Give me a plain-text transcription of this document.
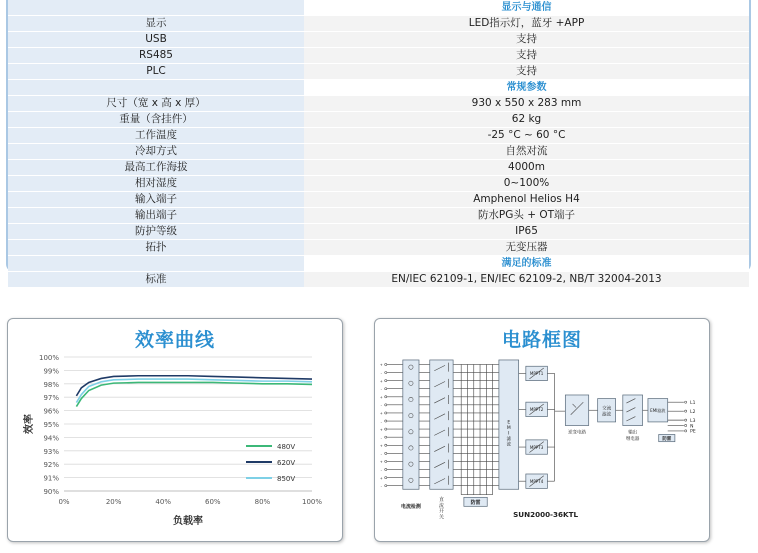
	显示与通信
显示	LED指示灯，蓝牙 +APP
USB	支持
RS485	支持
PLC	支持
	常规参数
尺寸（宽 x 高 x 厚）	930 x 550 x 283 mm
重量（含挂件）	62 kg
工作温度	-25 °C ~ 60 °C
冷却方式	自然对流
最高工作海拔	4000m
相对湿度	0~100%
输入端子	Amphenol Helios H4
输出端子	防水PG头 + OT端子
防护等级	IP65
拓扑	无变压器
	满足的标准
标准	EN/IEC 62109-1, EN/IEC 62109-2, NB/T 32004-2013
效率曲线
90%
91%
92%
93%
94%
95%
96%
97%
98%
99%
100%
0%	20%	40%	60%	80%	100%
480V
620V
850V
负载率
效率
电路框图
+
-
+
-
+
-
+
-
+
-
+
-
+
-
+
-
电流检测
直流开关
防雷
E M I 滤波
MPPT1
MPPT2
MPPT3
MPPT4
逆变电路
交流
滤波
输出
继电器
EMI滤波
防雷
SUN2000-36KTL
L1
L2
L3
N
PE
